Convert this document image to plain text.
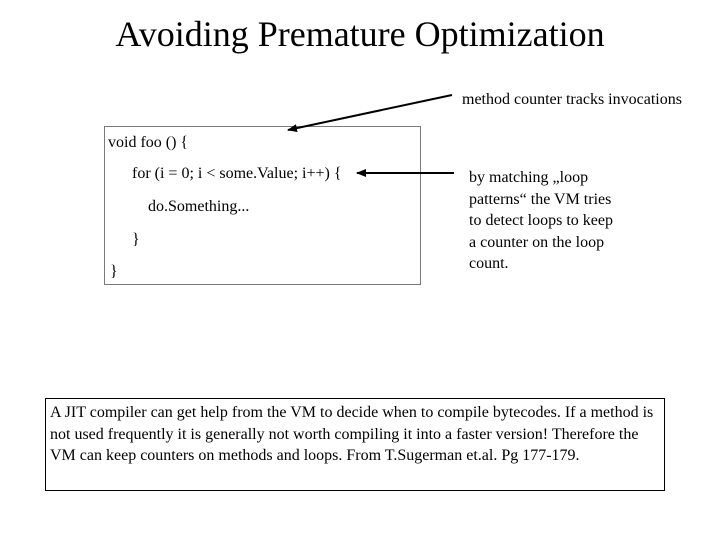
Avoiding Premature Optimization
method counter tracks invocations
void foo () {
for (i = 0; i < some.Value; i++) {
do.Something...
}
}
by matching „loop patterns“ the VM tries to detect loops to keep a counter on the loop count.
A JIT compiler can get help from the VM to decide when to compile bytecodes. If a method is not used frequently it is generally not worth compiling it into a faster version! Therefore the VM can keep counters on methods and loops. From T.Sugerman et.al. Pg 177-179.
